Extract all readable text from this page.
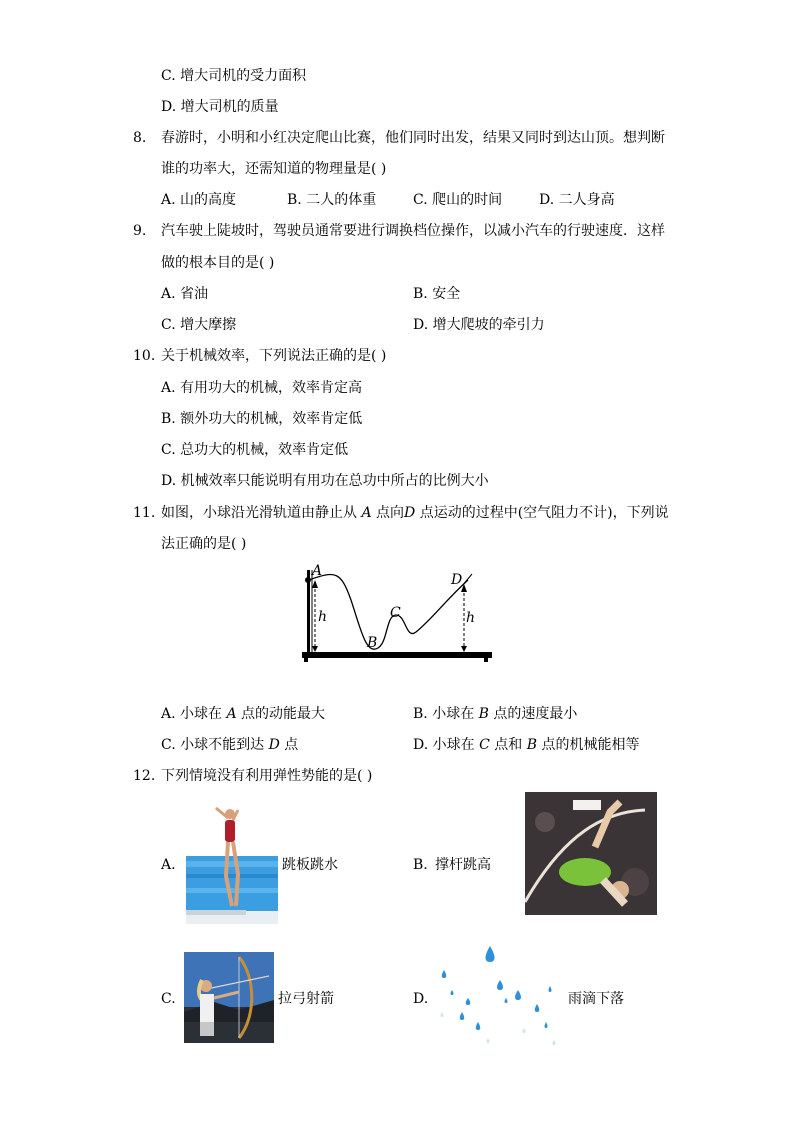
C. 增大司机的受力面积
D. 增大司机的质量
8. 春游时，小明和小红决定爬山比赛，他们同时出发，结果又同时到达山顶。想判断
谁的功率大，还需知道的物理量是( )
A. 山的高度	B. 二人的体重	C. 爬山的时间	D. 二人身高
9. 汽车驶上陡坡时，驾驶员通常要进行调换档位操作，以减小汽车的行驶速度．这样
做的根本目的是( )
A. 省油	B. 安全
C. 增大摩擦	D. 增大爬坡的牵引力
10. 关于机械效率，下列说法正确的是( )
A. 有用功大的机械，效率肯定高
B. 额外功大的机械，效率肯定低
C. 总功大的机械，效率肯定低
D. 机械效率只能说明有用功在总功中所占的比例大小
11. 如图，小球沿光滑轨道由静止从 A 点向D 点运动的过程中(空气阻力不计)，下列说
法正确的是( )
A
B
C
D
h	h
A. 小球在 A 点的动能最大	B. 小球在 B 点的速度最小
C. 小球不能到达 D 点	D. 小球在 C 点和 B 点的机械能相等
12. 下列情境没有利用弹性势能的是( )
A.	跳板跳水	B. 撑杆跳高
C.	拉弓射箭	D.	雨滴下落
